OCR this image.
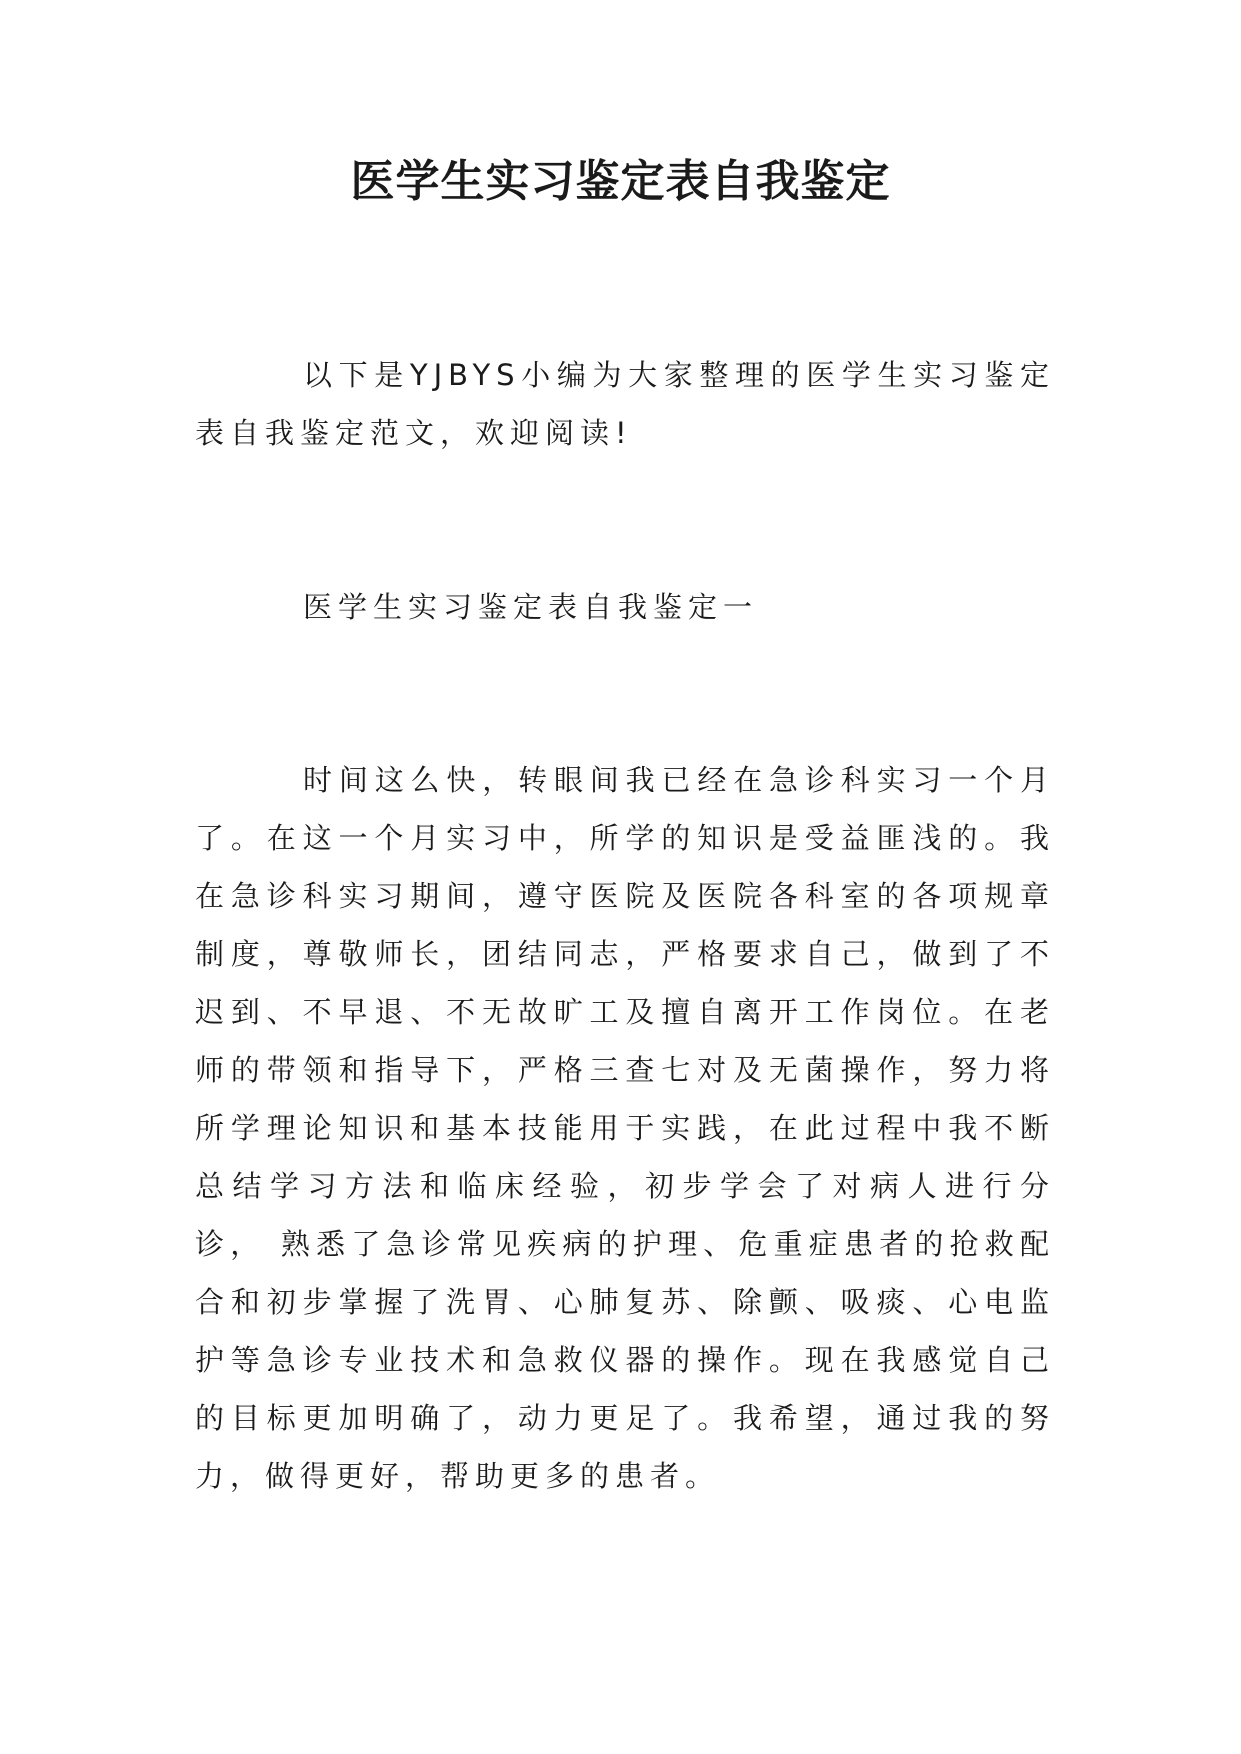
医学生实习鉴定表自我鉴定

以下是YJBYS小编为大家整理的医学生实习鉴定表自我鉴定范文，欢迎阅读!

医学生实习鉴定表自我鉴定一

时间这么快，转眼间我已经在急诊科实习一个月了。在这一个月实习中，所学的知识是受益匪浅的。我在急诊科实习期间，遵守医院及医院各科室的各项规章制度，尊敬师长，团结同志，严格要求自己，做到了不迟到、不早退、不无故旷工及擅自离开工作岗位。在老师的带领和指导下，严格三查七对及无菌操作，努力将所学理论知识和基本技能用于实践，在此过程中我不断总结学习方法和临床经验，初步学会了对病人进行分诊， 熟悉了急诊常见疾病的护理、危重症患者的抢救配合和初步掌握了洗胃、心肺复苏、除颤、吸痰、心电监护等急诊专业技术和急救仪器的操作。现在我感觉自己的目标更加明确了，动力更足了。我希望，通过我的努力，做得更好，帮助更多的患者。
